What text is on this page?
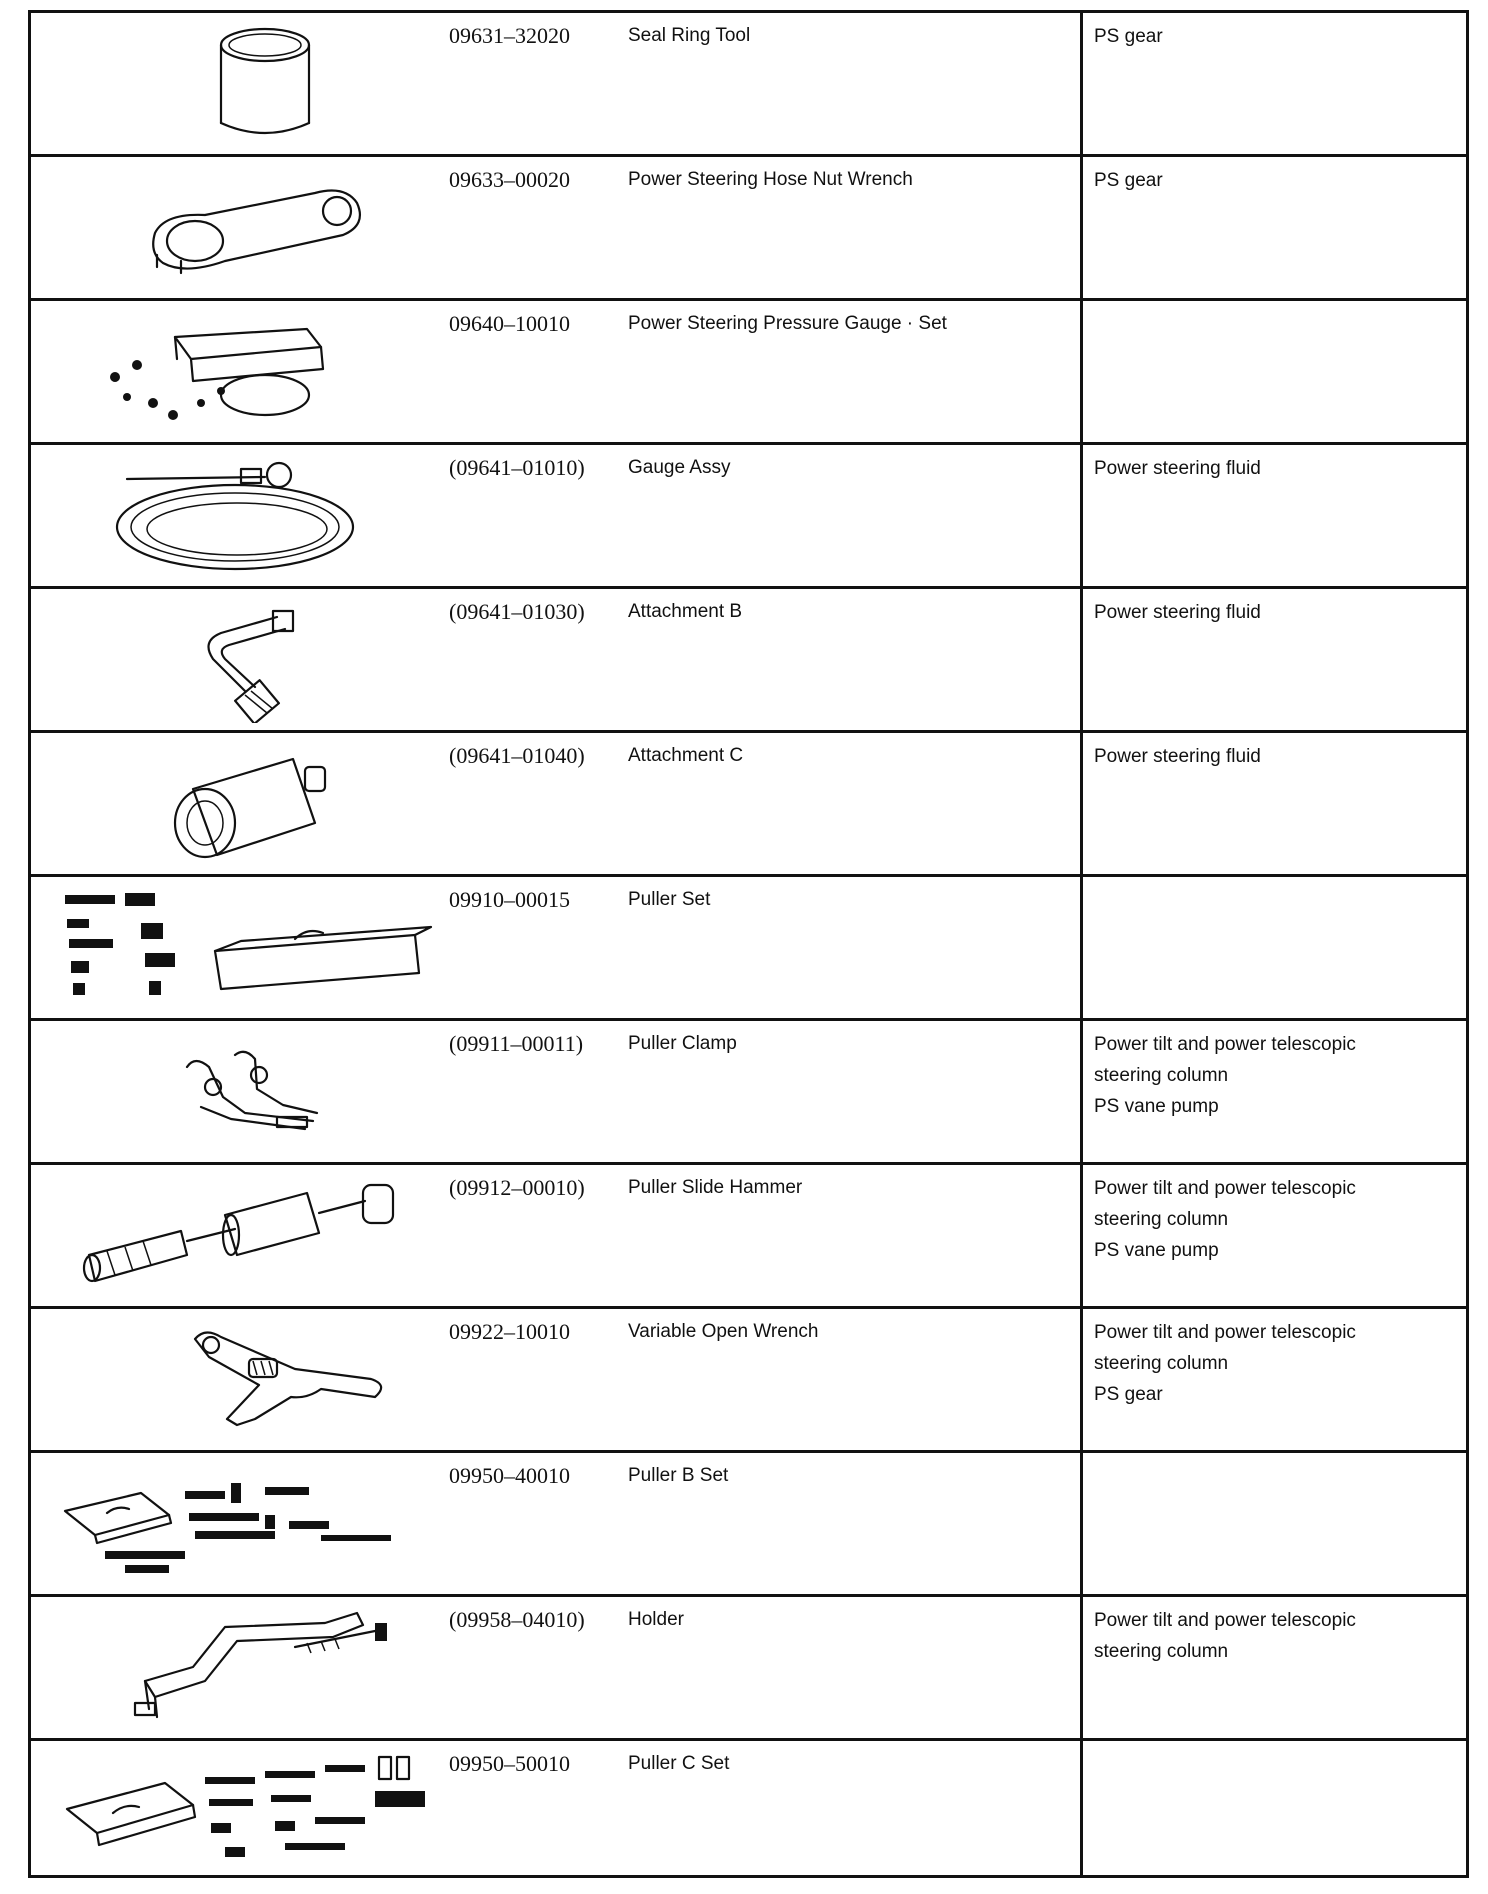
09631–32020	Seal Ring Tool	PS gear
09633–00020	Power Steering Hose Nut Wrench	PS gear
09640–10010	Power Steering Pressure Gauge · Set
(09641–01010)	Gauge Assy	Power steering fluid
(09641–01030)	Attachment B	Power steering fluid
(09641–01040)	Attachment C	Power steering fluid
09910–00015	Puller Set
(09911–00011)	Puller Clamp	Power tilt and power telescopic
steering column
PS vane pump
(09912–00010)	Puller Slide Hammer	Power tilt and power telescopic
steering column
PS vane pump
09922–10010	Variable Open Wrench	Power tilt and power telescopic
steering column
PS gear
09950–40010	Puller B Set
(09958–04010)	Holder	Power tilt and power telescopic
steering column
09950–50010	Puller C Set
